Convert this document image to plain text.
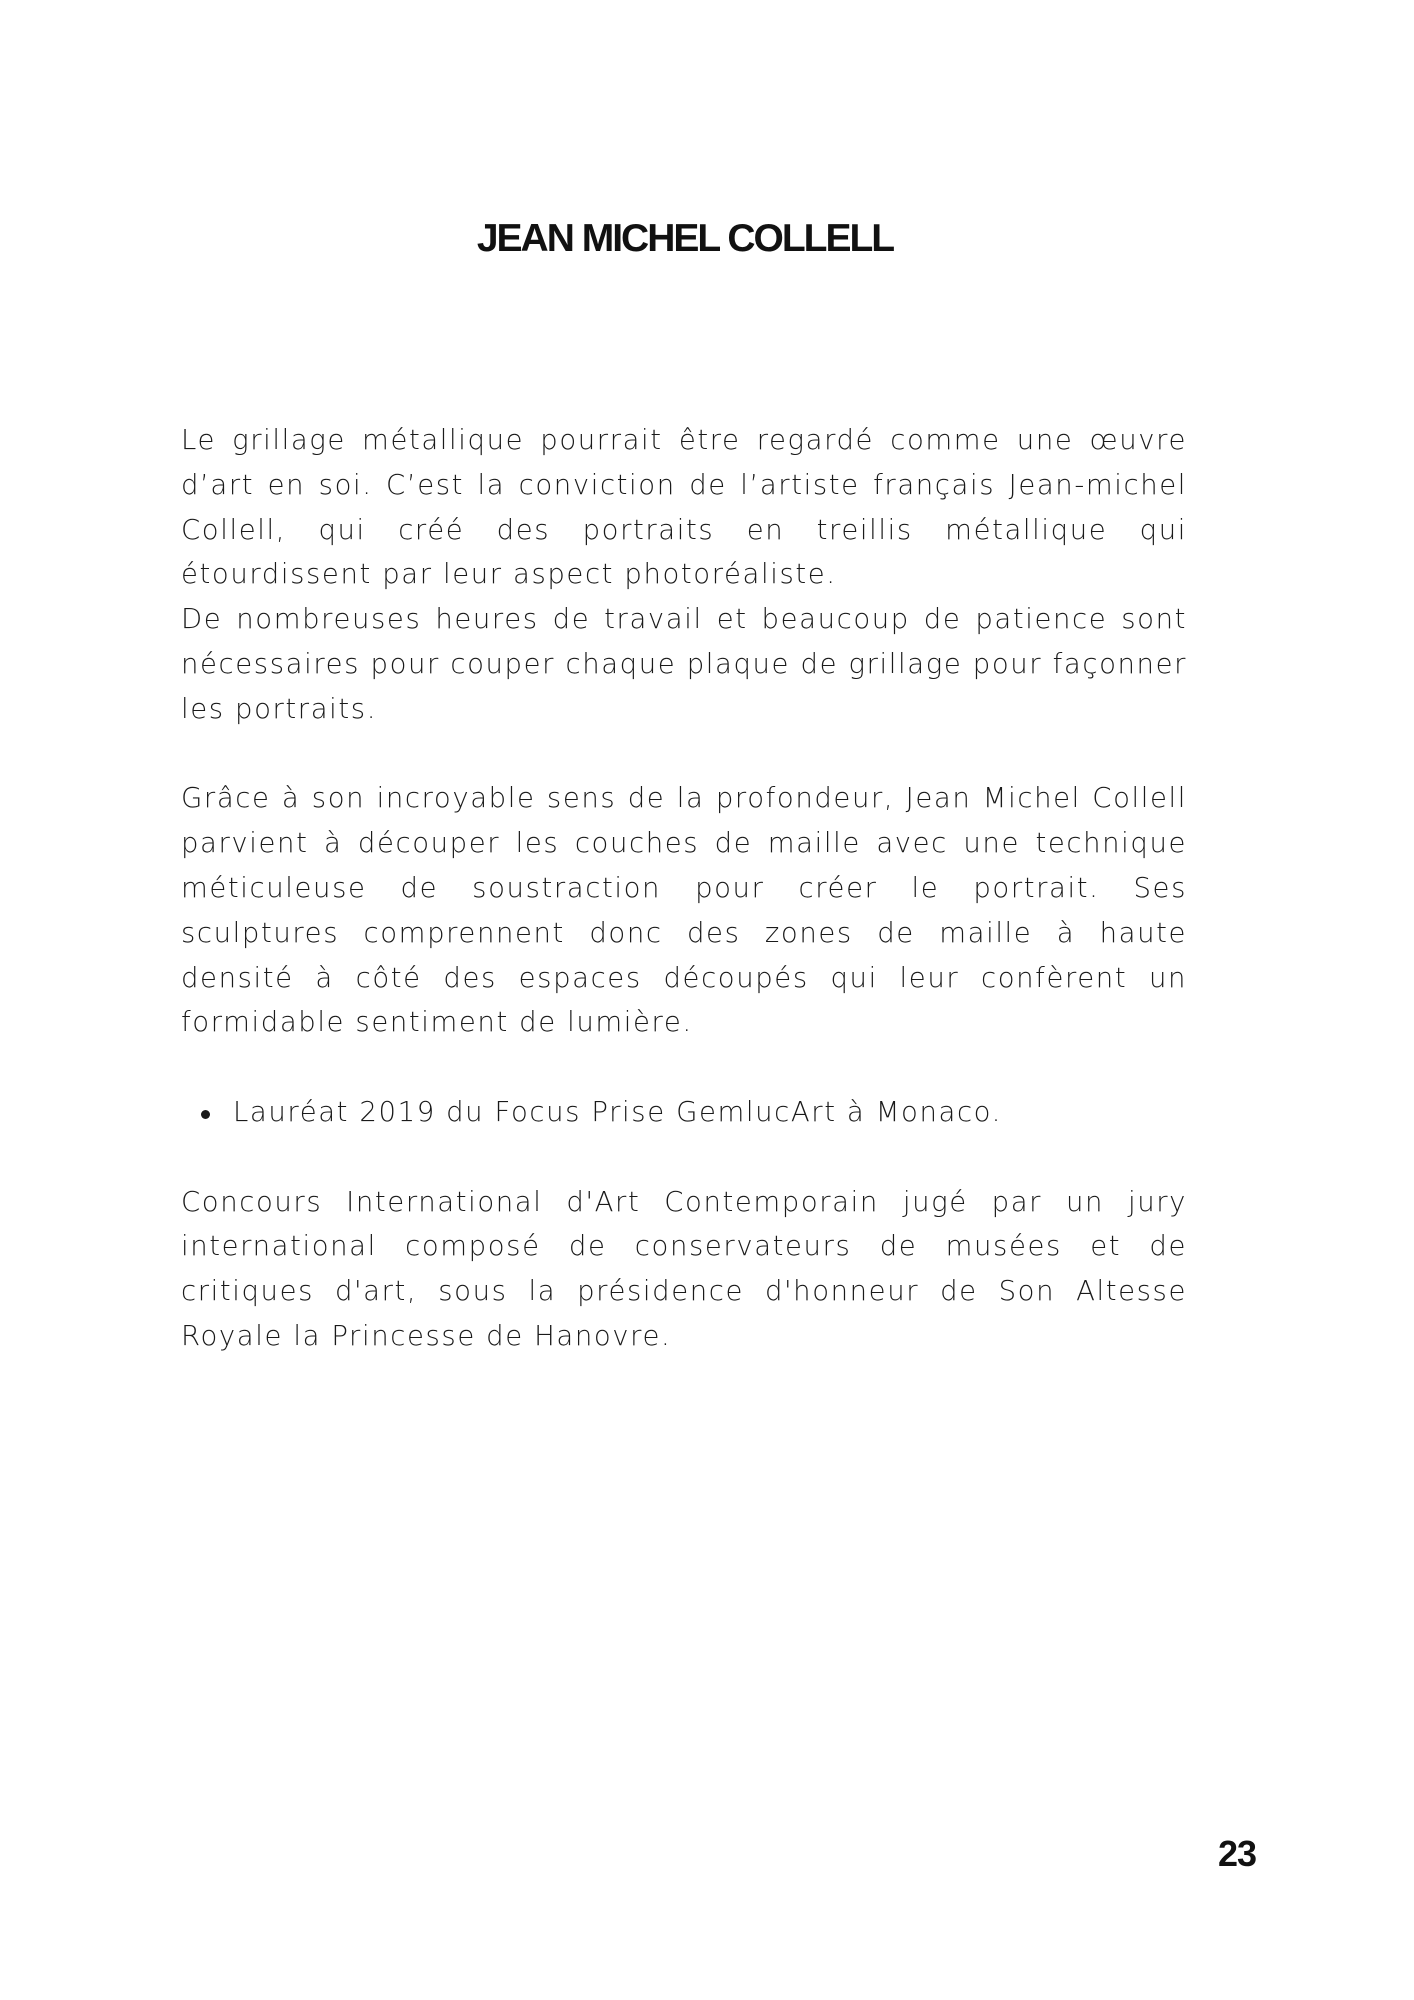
JEAN MICHEL COLLELL

Le grillage métallique pourrait être regardé comme une œuvre d’art en soi. C’est la conviction de l’artiste français Jean-michel Collell, qui créé des portraits en treillis métallique qui étourdissent par leur aspect photoréaliste.

De nombreuses heures de travail et beaucoup de patience sont nécessaires pour couper chaque plaque de grillage pour façonner les portraits.

Grâce à son incroyable sens de la profondeur, Jean Michel Collell parvient à découper les couches de maille avec une technique méticuleuse de soustraction pour créer le portrait. Ses sculptures comprennent donc des zones de maille à haute densité à côté des espaces découpés qui leur confèrent un formidable sentiment de lumière.

Lauréat 2019 du Focus Prise GemlucArt à Monaco.

Concours International d'Art Contemporain jugé par un jury international composé de conservateurs de musées et de critiques d'art, sous la présidence d'honneur de Son Altesse Royale la Princesse de Hanovre.

23
